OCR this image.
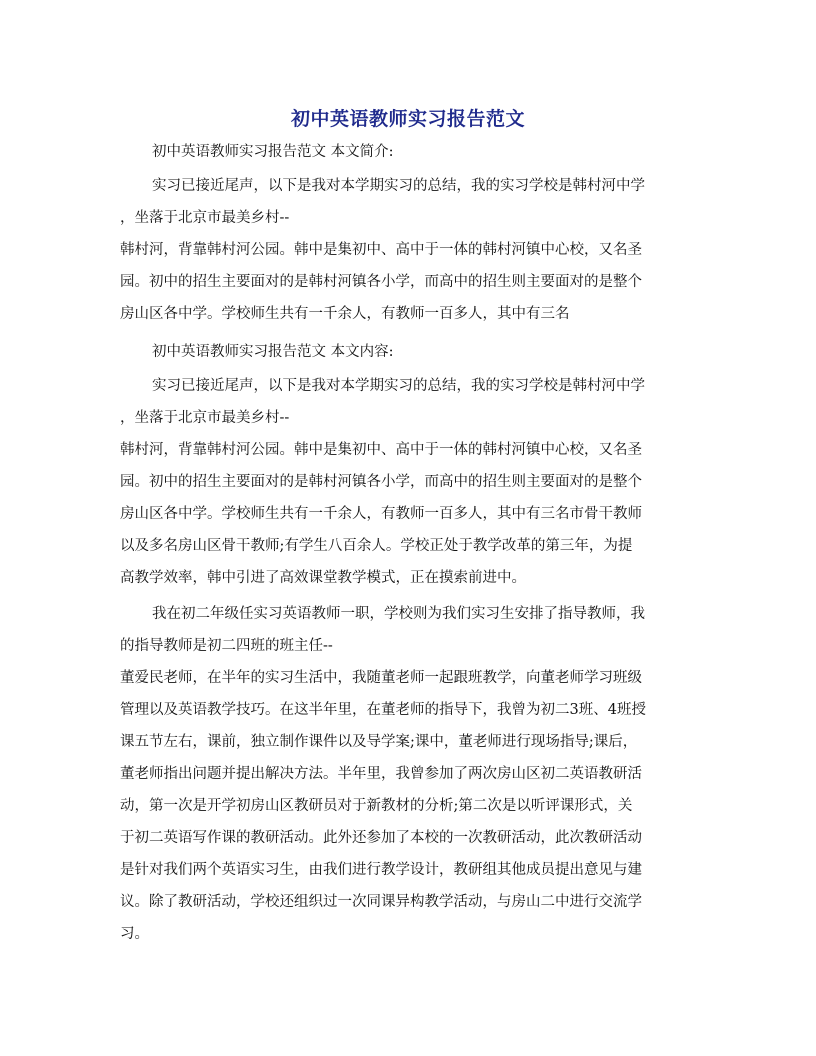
初中英语教师实习报告范文
初中英语教师实习报告范文 本文简介:
实习已接近尾声，以下是我对本学期实习的总结，我的实习学校是韩村河中学
，坐落于北京市最美乡村--
韩村河，背靠韩村河公园。韩中是集初中、高中于一体的韩村河镇中心校，又名圣
园。初中的招生主要面对的是韩村河镇各小学，而高中的招生则主要面对的是整个
房山区各中学。学校师生共有一千余人，有教师一百多人，其中有三名
初中英语教师实习报告范文 本文内容:
实习已接近尾声，以下是我对本学期实习的总结，我的实习学校是韩村河中学
，坐落于北京市最美乡村--
韩村河，背靠韩村河公园。韩中是集初中、高中于一体的韩村河镇中心校，又名圣
园。初中的招生主要面对的是韩村河镇各小学，而高中的招生则主要面对的是整个
房山区各中学。学校师生共有一千余人，有教师一百多人，其中有三名市骨干教师
以及多名房山区骨干教师;有学生八百余人。学校正处于教学改革的第三年，为提
高教学效率，韩中引进了高效课堂教学模式，正在摸索前进中。
我在初二年级任实习英语教师一职，学校则为我们实习生安排了指导教师，我
的指导教师是初二四班的班主任--
董爱民老师，在半年的实习生活中，我随董老师一起跟班教学，向董老师学习班级
管理以及英语教学技巧。在这半年里，在董老师的指导下，我曾为初二3班、4班授
课五节左右，课前，独立制作课件以及导学案;课中，董老师进行现场指导;课后，
董老师指出问题并提出解决方法。半年里，我曾参加了两次房山区初二英语教研活
动，第一次是开学初房山区教研员对于新教材的分析;第二次是以听评课形式，关
于初二英语写作课的教研活动。此外还参加了本校的一次教研活动，此次教研活动
是针对我们两个英语实习生，由我们进行教学设计，教研组其他成员提出意见与建
议。除了教研活动，学校还组织过一次同课异构教学活动，与房山二中进行交流学
习。
